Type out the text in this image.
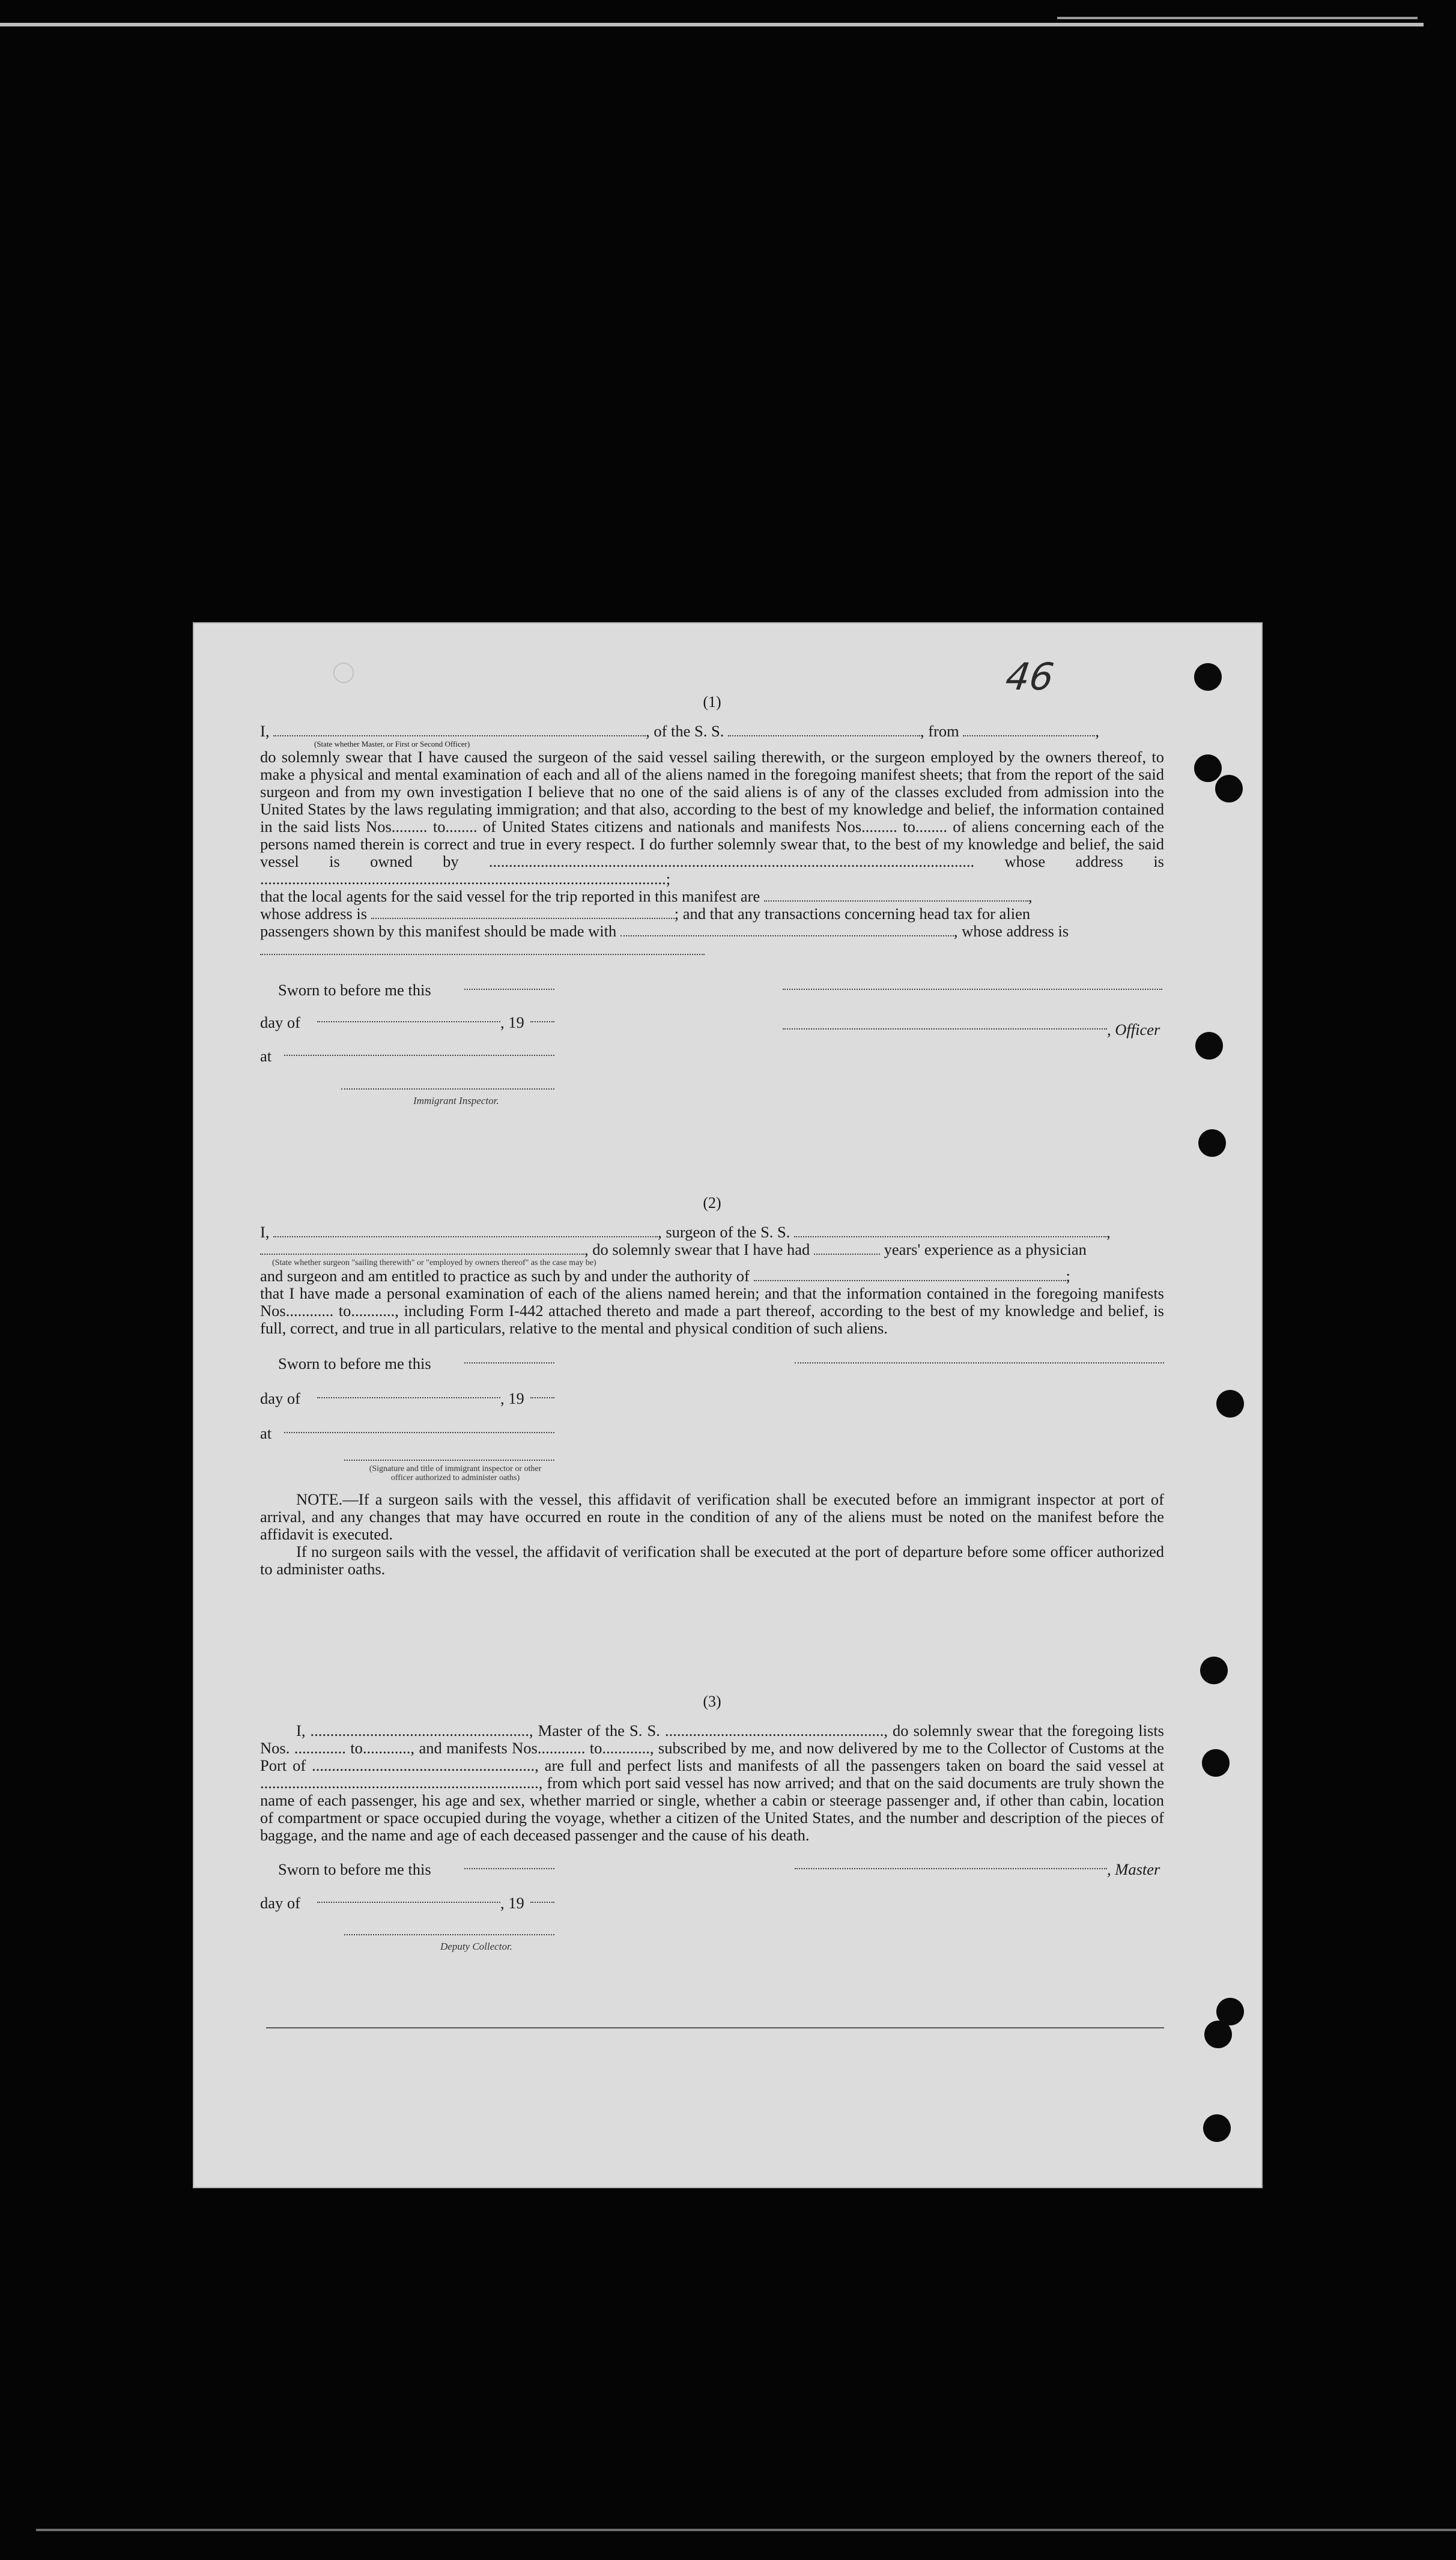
◯	46
(1)
I,	, of the S. S.	, from	,
(State whether Master, or First or Second Officer)
do solemnly swear that I have caused the surgeon of the said vessel sailing therewith, or the surgeon employed by the owners thereof, to make a physical and mental examination of each and all of the aliens named in the foregoing manifest sheets; that from the report of the said surgeon and from my own investigation I believe that no one of the said aliens is of any of the classes excluded from admission into the United States by the laws regulating immigration; and that also, according to the best of my knowledge and belief, the information contained in the said lists Nos......... to........ of United States citizens and nationals and manifests Nos......... to........ of aliens concerning each of the persons named therein is correct and true in every respect. I do further solemnly swear that, to the best of my knowledge and belief, the said vessel is owned by .......................................................................................................................... whose address is ......................................................................................................;
that the local agents for the said vessel for the trip reported in this manifest are	,
whose address is	; and that any transactions concerning head tax for alien
passengers shown by this manifest should be made with	, whose address is
Sworn to before me this
day of	, 19	, Officer
at
Immigrant Inspector.
(2)
I,	, surgeon of the S. S.	,
, do solemnly swear that I have had	years' experience as a physician
(State whether surgeon "sailing therewith" or "employed by owners thereof" as the case may be)
and surgeon and am entitled to practice as such by and under the authority of	;
that I have made a personal examination of each of the aliens named herein; and that the information contained in the foregoing manifests Nos............ to..........., including Form I-442 attached thereto and made a part thereof, according to the best of my knowledge and belief, is full, correct, and true in all particulars, relative to the mental and physical condition of such aliens.
Sworn to before me this
day of	, 19
at
(Signature and title of immigrant inspector or other officer authorized to administer oaths)
NOTE.—If a surgeon sails with the vessel, this affidavit of verification shall be executed before an immigrant inspector at port of arrival, and any changes that may have occurred en route in the condition of any of the aliens must be noted on the manifest before the affidavit is executed.
If no surgeon sails with the vessel, the affidavit of verification shall be executed at the port of departure before some officer authorized to administer oaths.
(3)
I, ......................................................., Master of the S. S. ......................................................., do solemnly swear that the foregoing lists Nos. ............. to............, and manifests Nos............ to............, subscribed by me, and now delivered by me to the Collector of Customs at the Port of ........................................................, are full and perfect lists and manifests of all the passengers taken on board the said vessel at ......................................................................, from which port said vessel has now arrived; and that on the said documents are truly shown the name of each passenger, his age and sex, whether married or single, whether a cabin or steerage passenger and, if other than cabin, location of compartment or space occupied during the voyage, whether a citizen of the United States, and the number and description of the pieces of baggage, and the name and age of each deceased passenger and the cause of his death.
Sworn to before me this	, Master
day of	, 19
Deputy Collector.
